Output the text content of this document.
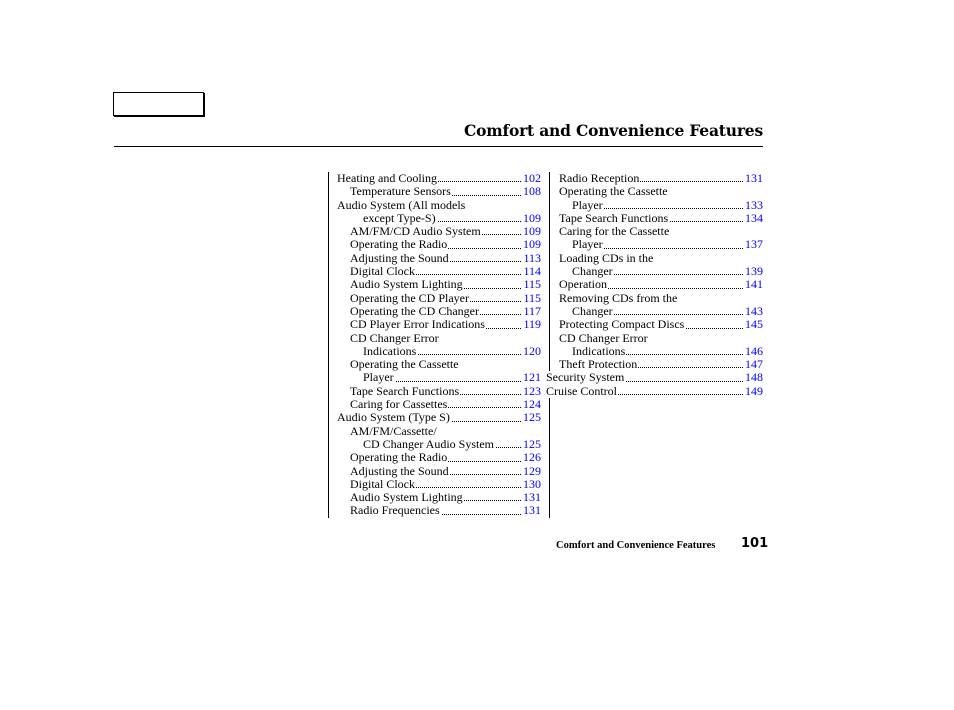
Comfort and Convenience Features
Heating and Cooling	102
Temperature Sensors	108
Audio System (All models
except Type-S)	109
AM/FM/CD Audio System	109
Operating the Radio	109
Adjusting the Sound	113
Digital Clock	114
Audio System Lighting	115
Operating the CD Player	115
Operating the CD Changer	117
CD Player Error Indications	119
CD Changer Error
Indications	120
Operating the Cassette
Player	121
Tape Search Functions	123
Caring for Cassettes	124
Audio System (Type S)	125
AM/FM/Cassette/
CD Changer Audio System 125
Operating the Radio	126
Adjusting the Sound	129
Digital Clock	130
Audio System Lighting	131
Radio Frequencies	131
Radio Reception	131
Operating the Cassette
Player	133
Tape Search Functions	134
Caring for the Cassette
Player	137
Loading CDs in the
Changer	139
Operation	141
Removing CDs from the
Changer	143
Protecting Compact Discs	145
CD Changer Error
Indications	146
Theft Protection	147
Security System	148
Cruise Control	149
Comfort and Convenience Features 101
